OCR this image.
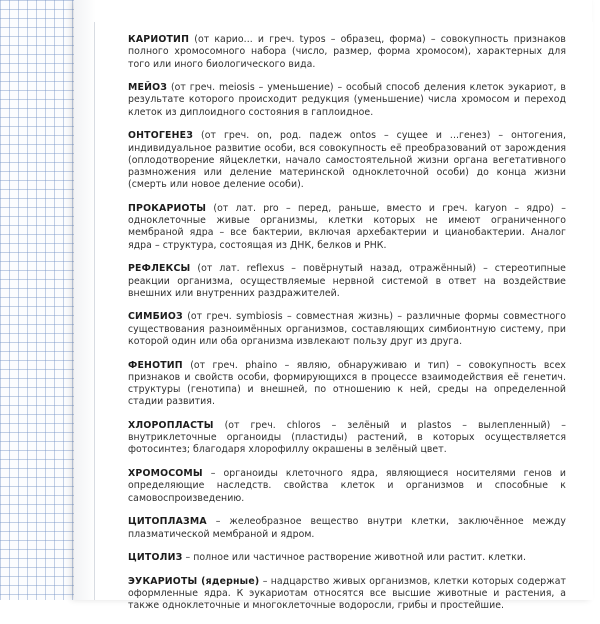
КАРИОТИП (от карио... и греч. typos – образец, форма) – совокупность признаков полного хромосомного набора (число, размер, форма хромосом), характерных для того или иного биологического вида.

МЕЙОЗ (от греч. meiosis – уменьшение) – особый способ деления клеток эукариот, в результате которого происходит редукция (уменьшение) числа хромосом и переход клеток из диплоидного состояния в гаплоидное.

ОНТОГЕНЕЗ (от греч. on, род. падеж ontos – сущее и ...генез) – онтогения, индивидуальное развитие особи, вся совокупность её преобразований от зарождения (оплодотворение яйцеклетки, начало самостоятельной жизни органа вегетативного размножения или деление материнской одноклеточной особи) до конца жизни (смерть или новое деление особи).

ПРОКАРИОТЫ (от лат. pro – перед, раньше, вместо и греч. karyon – ядро) – одноклеточные живые организмы, клетки которых не имеют ограниченного мембраной ядра – все бактерии, включая архебактерии и цианобактерии. Аналог ядра – структура, состоящая из ДНК, белков и РНК.

РЕФЛЕКСЫ (от лат. reflexus – повёрнутый назад, отражённый) – стереотипные реакции организма, осуществляемые нервной системой в ответ на воздействие внешних или внутренних раздражителей.

СИМБИОЗ (от греч. symbiosis – совместная жизнь) – различные формы совместного существования разноимённых организмов, составляющих симбионтную систему, при которой один или оба организма извлекают пользу друг из друга.

ФЕНОТИП (от греч. phaino – являю, обнаруживаю и тип) – совокупность всех признаков и свойств особи, формирующихся в процессе взаимодействия её генетич. структуры (генотипа) и внешней, по отношению к ней, среды на определенной стадии развития.

ХЛОРОПЛАСТЫ (от греч. chloros – зелёный и plastos – вылепленный) – внутриклеточные органоиды (пластиды) растений, в которых осуществляется фотосинтез; благодаря хлорофиллу окрашены в зелёный цвет.

ХРОМОСОМЫ – органоиды клеточного ядра, являющиеся носителями генов и определяющие наследств. свойства клеток и организмов и способные к самовоспроизведению.

ЦИТОПЛАЗМА – желеобразное вещество внутри клетки, заключённое между плазматической мембраной и ядром.

ЦИТОЛИЗ – полное или частичное растворение животной или растит. клетки.

ЭУКАРИОТЫ (ядерные) – надцарство живых организмов, клетки которых содержат оформленные ядра. К эукариотам относятся все высшие животные и растения, а также одноклеточные и многоклеточные водоросли, грибы и простейшие.
